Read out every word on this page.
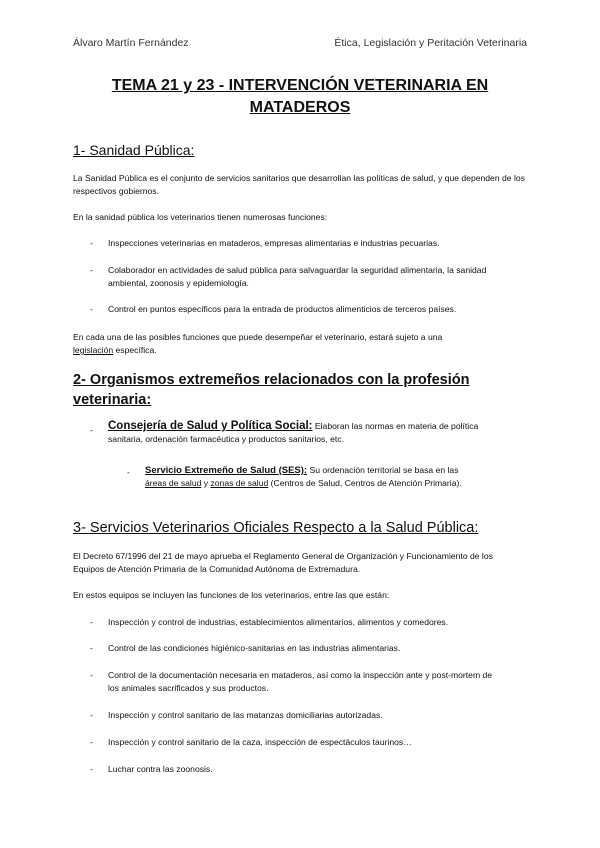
Álvaro Martín Fernández	Ética, Legislación y Peritación Veterinaria
TEMA 21 y 23 - INTERVENCIÓN VETERINARIA EN
MATADEROS
1- Sanidad Pública:
La Sanidad Pública es el conjunto de servicios sanitarios que desarrollan las políticas de salud, y que dependen de los respectivos gobiernos.
En la sanidad pública los veterinarios tienen numerosas funciones:
- Inspecciones veterinarias en mataderos, empresas alimentarias e industrias pecuarias.
- Colaborador en actividades de salud pública para salvaguardar la seguridad alimentaria, la sanidad ambiental, zoonosis y epidemiología.
- Control en puntos específicos para la entrada de productos alimenticios de terceros países.
En cada una de las posibles funciones que puede desempeñar el veterinario, estará sujeto a una
legislación específica.
2- Organismos extremeños relacionados con la profesión
veterinaria:
- Consejería de Salud y Política Social: Elaboran las normas en materia de política
sanitaria, ordenación farmacéutica y productos sanitarios, etc.
- Servicio Extremeño de Salud (SES): Su ordenación territorial se basa en las
áreas de salud y zonas de salud (Centros de Salud, Centros de Atención Primaria).
3- Servicios Veterinarios Oficiales Respecto a la Salud Pública:
El Decreto 67/1996 del 21 de mayo aprueba el Reglamento General de Organización y Funcionamiento de los Equipos de Atención Primaria de la Comunidad Autónoma de Extremadura.
En estos equipos se incluyen las funciones de los veterinarios, entre las que están:
- Inspección y control de industrias, establecimientos alimentarios, alimentos y comedores.
- Control de las condiciones higiénico-sanitarias en las industrias alimentarias.
- Control de la documentación necesaria en mataderos, así como la inspección ante y post-mortem de los animales sacrificados y sus productos.
- Inspección y control sanitario de las matanzas domiciliarias autorizadas.
- Inspección y control sanitario de la caza, inspección de espectáculos taurinos…
- Luchar contra las zoonosis.
